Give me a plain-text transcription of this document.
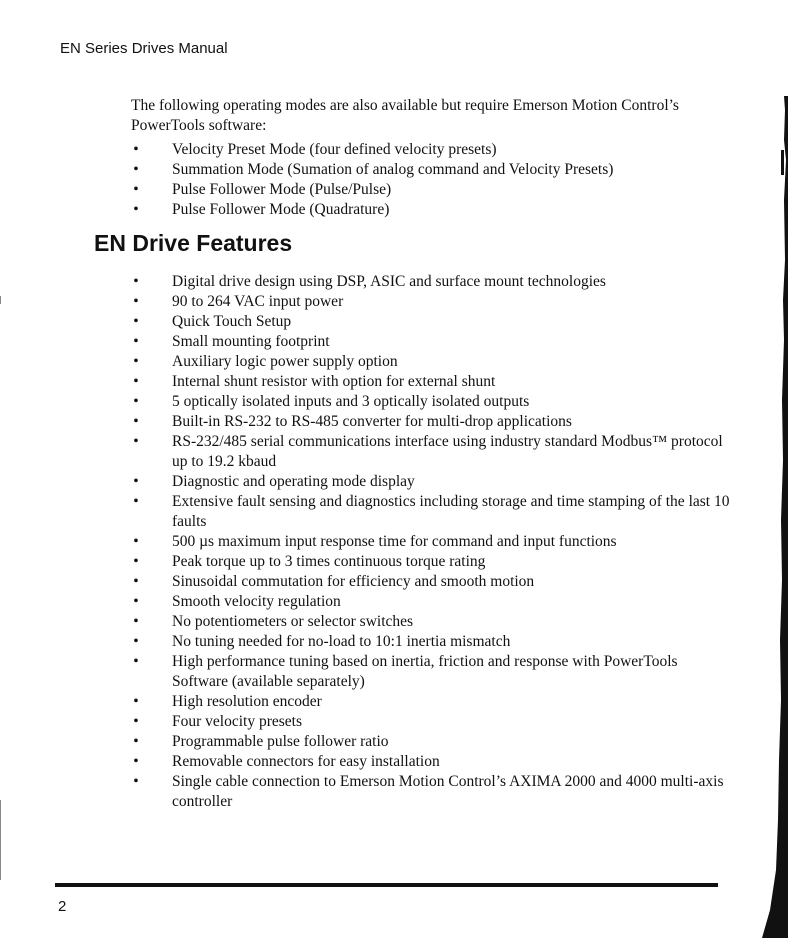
EN Series Drives Manual

The following operating modes are also available but require Emerson Motion Control’s PowerTools software:

• Velocity Preset Mode (four defined velocity presets)
• Summation Mode (Sumation of analog command and Velocity Presets)
• Pulse Follower Mode (Pulse/Pulse)
• Pulse Follower Mode (Quadrature)
EN Drive Features
• Digital drive design using DSP, ASIC and surface mount technologies
• 90 to 264 VAC input power
• Quick Touch Setup
• Small mounting footprint
• Auxiliary logic power supply option
• Internal shunt resistor with option for external shunt
• 5 optically isolated inputs and 3 optically isolated outputs
• Built-in RS-232 to RS-485 converter for multi-drop applications
• RS-232/485 serial communications interface using industry standard Modbus™ protocol up to 19.2 kbaud
• Diagnostic and operating mode display
• Extensive fault sensing and diagnostics including storage and time stamping of the last 10 faults
• 500 µs maximum input response time for command and input functions
• Peak torque up to 3 times continuous torque rating
• Sinusoidal commutation for efficiency and smooth motion
• Smooth velocity regulation
• No potentiometers or selector switches
• No tuning needed for no-load to 10:1 inertia mismatch
• High performance tuning based on inertia, friction and response with PowerTools Software (available separately)
• High resolution encoder
• Four velocity presets
• Programmable pulse follower ratio
• Removable connectors for easy installation
• Single cable connection to Emerson Motion Control’s AXIMA 2000 and 4000 multi-axis controller
2
